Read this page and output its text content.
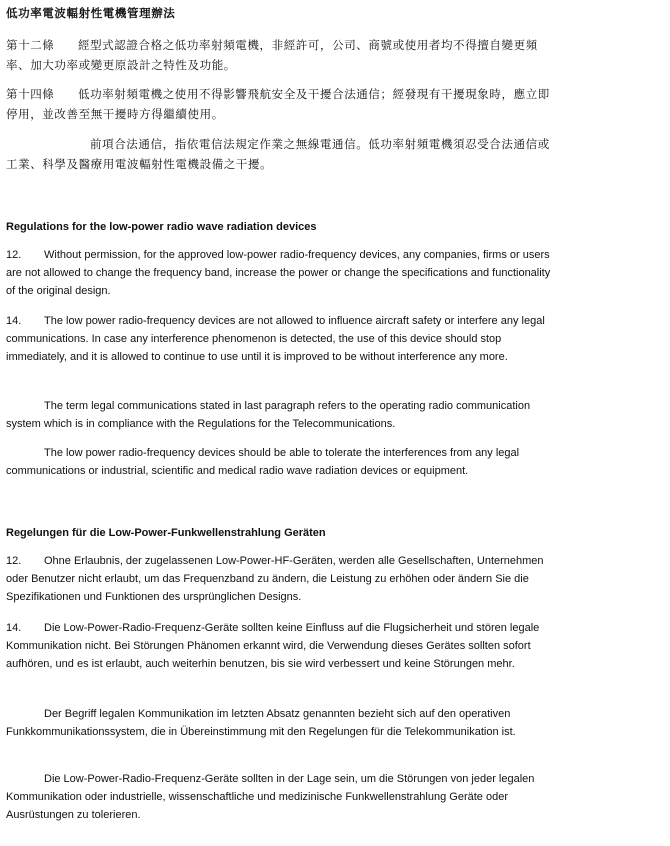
低功率電波輻射性電機管理辦法
第十二條 經型式認證合格之低功率射頻電機，非經許可，公司、商號或使用者均不得擅自變更頻率、加大功率或變更原設計之特性及功能。
第十四條 低功率射頻電機之使用不得影響飛航安全及干擾合法通信；經發現有干擾現象時，應立即停用，並改善至無干擾時方得繼續使用。
前項合法通信，指依電信法規定作業之無線電通信。低功率射頻電機須忍受合法通信或工業、科學及醫療用電波輻射性電機設備之干擾。
Regulations for the low-power radio wave radiation devices
12. Without permission, for the approved low-power radio-frequency devices, any companies, firms or users are not allowed to change the frequency band, increase the power or change the specifications and functionality of the original design.
14. The low power radio-frequency devices are not allowed to influence aircraft safety or interfere any legal communications. In case any interference phenomenon is detected, the use of this device should stop immediately, and it is allowed to continue to use until it is improved to be without interference any more.
The term legal communications stated in last paragraph refers to the operating radio communication system which is in compliance with the Regulations for the Telecommunications.
The low power radio-frequency devices should be able to tolerate the interferences from any legal communications or industrial, scientific and medical radio wave radiation devices or equipment.
Regelungen für die Low-Power-Funkwellenstrahlung Geräten
12. Ohne Erlaubnis, der zugelassenen Low-Power-HF-Geräten, werden alle Gesellschaften, Unternehmen oder Benutzer nicht erlaubt, um das Frequenzband zu ändern, die Leistung zu erhöhen oder ändern Sie die Spezifikationen und Funktionen des ursprünglichen Designs.
14. Die Low-Power-Radio-Frequenz-Geräte sollten keine Einfluss auf die Flugsicherheit und stören legale Kommunikation nicht. Bei Störungen Phänomen erkannt wird, die Verwendung dieses Gerätes sollten sofort aufhören, und es ist erlaubt, auch weiterhin benutzen, bis sie wird verbessert und keine Störungen mehr.
Der Begriff legalen Kommunikation im letzten Absatz genannten bezieht sich auf den operativen Funkkommunikationssystem, die in Übereinstimmung mit den Regelungen für die Telekommunikation ist.
Die Low-Power-Radio-Frequenz-Geräte sollten in der Lage sein, um die Störungen von jeder legalen Kommunikation oder industrielle, wissenschaftliche und medizinische Funkwellenstrahlung Geräte oder Ausrüstungen zu tolerieren.
